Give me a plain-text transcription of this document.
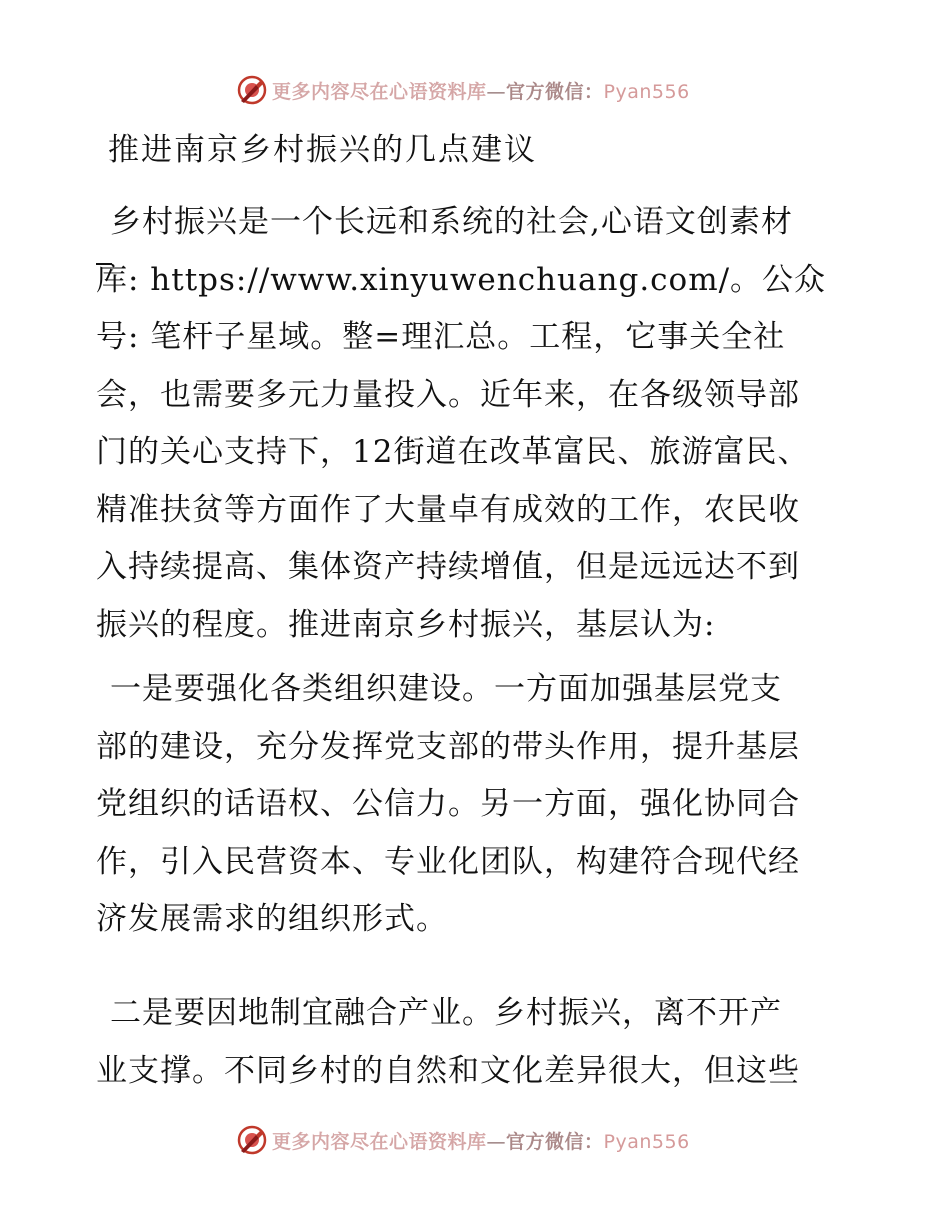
更多内容尽在心语资料库—官方微信：Pyan556
推进南京乡村振兴的几点建议
乡村振兴是一个长远和系统的社会,心语文创素材
库: https://www.xinyuwenchuang.com/。公众
号: 笔杆子星域。整=理汇总。工程，它事关全社
会，也需要多元力量投入。近年来，在各级领导部
门的关心支持下，12街道在改革富民、旅游富民、
精准扶贫等方面作了大量卓有成效的工作，农民收
入持续提高、集体资产持续增值，但是远远达不到
振兴的程度。推进南京乡村振兴，基层认为:
一是要强化各类组织建设。一方面加强基层党支
部的建设，充分发挥党支部的带头作用，提升基层
党组织的话语权、公信力。另一方面，强化协同合
作，引入民营资本、专业化团队，构建符合现代经
济发展需求的组织形式。
二是要因地制宜融合产业。乡村振兴，离不开产
业支撑。不同乡村的自然和文化差异很大，但这些
更多内容尽在心语资料库—官方微信：Pyan556
